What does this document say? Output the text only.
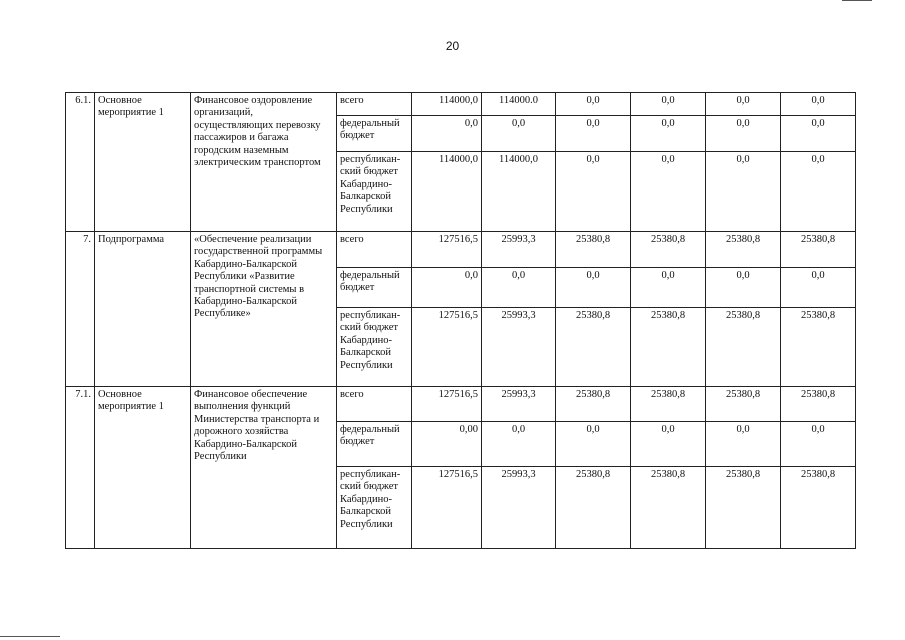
20
6.1.	Основное мероприятие 1	Финансовое оздоровление организаций, осуществляющих перевозку пассажиров и багажа городским наземным электрическим транспортом	всего	114000,0	114000.0	0,0	0,0	0,0	0,0
			федеральный бюджет	0,0	0,0	0,0	0,0	0,0	0,0
			республикан-ский бюджет Кабардино-Балкарской Республики	114000,0	114000,0	0,0	0,0	0,0	0,0
7.	Подпрограмма	«Обеспечение реализации государственной программы Кабардино-Балкарской Республики «Развитие транспортной системы в Кабардино-Балкарской Республике»	всего	127516,5	25993,3	25380,8	25380,8	25380,8	25380,8
			федеральный бюджет	0,0	0,0	0,0	0,0	0,0	0,0
			республикан-ский бюджет Кабардино-Балкарской Республики	127516,5	25993,3	25380,8	25380,8	25380,8	25380,8
7.1.	Основное мероприятие 1	Финансовое обеспечение выполнения функций Министерства транспорта и дорожного хозяйства Кабардино-Балкарской Республики	всего	127516,5	25993,3	25380,8	25380,8	25380,8	25380,8
			федеральный бюджет	0,00	0,0	0,0	0,0	0,0	0,0
			республикан-ский бюджет Кабардино-Балкарской Республики	127516,5	25993,3	25380,8	25380,8	25380,8	25380,8
